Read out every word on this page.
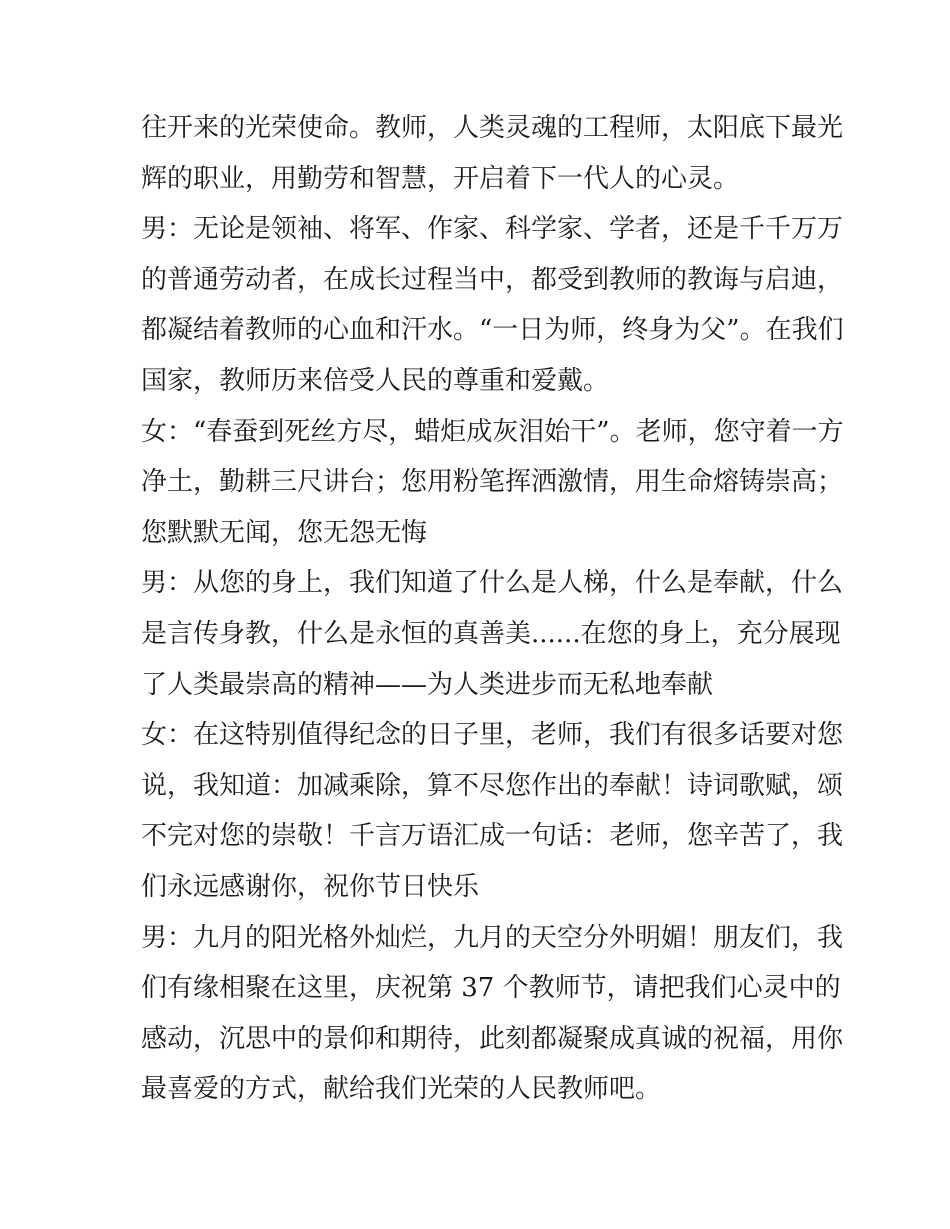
往开来的光荣使命。教师，人类灵魂的工程师，太阳底下最光
辉的职业，用勤劳和智慧，开启着下一代人的心灵。
男：无论是领袖、将军、作家、科学家、学者，还是千千万万
的普通劳动者，在成长过程当中，都受到教师的教诲与启迪，
都凝结着教师的心血和汗水。“一日为师，终身为父”。在我们
国家，教师历来倍受人民的尊重和爱戴。
女：“春蚕到死丝方尽，蜡炬成灰泪始干”。老师，您守着一方
净土，勤耕三尺讲台；您用粉笔挥洒激情，用生命熔铸崇高；
您默默无闻，您无怨无悔
男：从您的身上，我们知道了什么是人梯，什么是奉献，什么
是言传身教，什么是永恒的真善美......在您的身上，充分展现
了人类最崇高的精神——为人类进步而无私地奉献
女：在这特别值得纪念的日子里，老师，我们有很多话要对您
说，我知道：加减乘除，算不尽您作出的奉献！诗词歌赋，颂
不完对您的崇敬！千言万语汇成一句话：老师，您辛苦了，我
们永远感谢你，祝你节日快乐
男：九月的阳光格外灿烂，九月的天空分外明媚！朋友们，我
们有缘相聚在这里，庆祝第 37 个教师节，请把我们心灵中的
感动，沉思中的景仰和期待，此刻都凝聚成真诚的祝福，用你
最喜爱的方式，献给我们光荣的人民教师吧。
